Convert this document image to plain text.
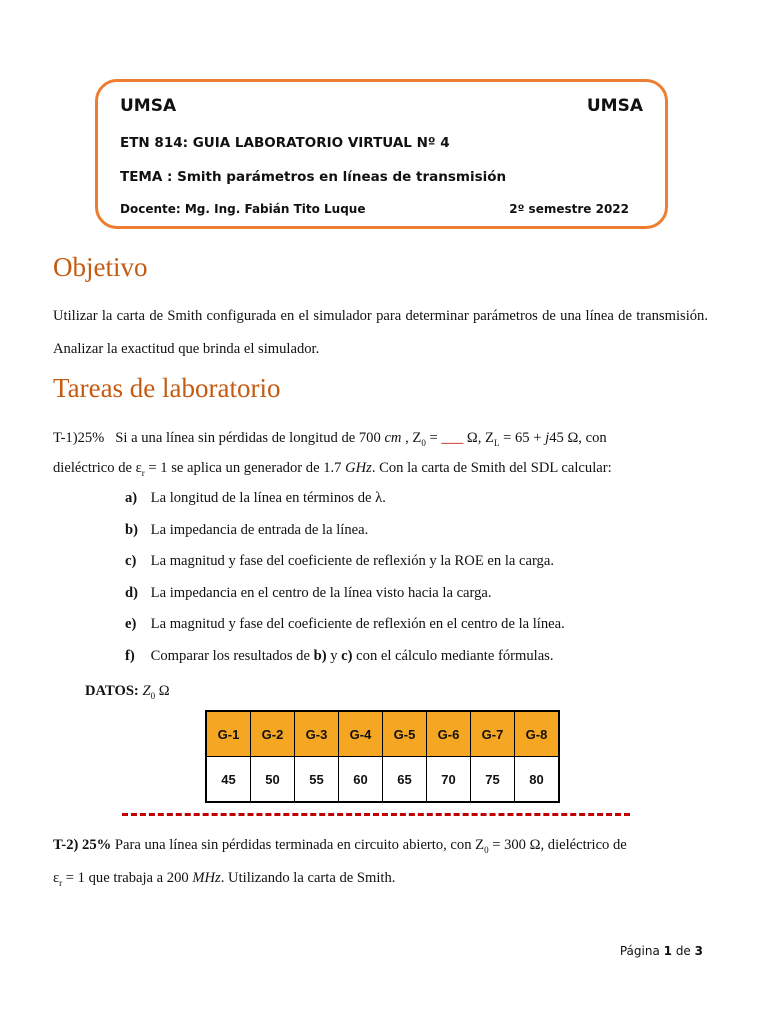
UMSA	UMSA
ETN 814: GUIA LABORATORIO VIRTUAL Nº 4
TEMA : Smith parámetros en líneas de transmisión
Docente: Mg. Ing. Fabián Tito Luque	2º semestre 2022
Objetivo

Utilizar la carta de Smith configurada en el simulador para determinar parámetros de una línea de transmisión. Analizar la exactitud que brinda el simulador.

Tareas de laboratorio
T-1)25% Si a una línea sin pérdidas de longitud de 700 cm , $Z_0$ = ___ Ω, $Z_L = 65 + j45$ Ω, con
dieléctrico de $\varepsilon_r = 1$ se aplica un generador de 1.7 GHz. Con la carta de Smith del SDL calcular:
a) La longitud de la línea en términos de λ.
b) La impedancia de entrada de la línea.
c) La magnitud y fase del coeficiente de reflexión y la ROE en la carga.
d) La impedancia en el centro de la línea visto hacia la carga.
e) La magnitud y fase del coeficiente de reflexión en el centro de la línea.
f) Comparar los resultados de b) y c) con el cálculo mediante fórmulas.
DATOS: $Z_0$ Ω
G-1	G-2	G-3	G-4	G-5	G-6	G-7	G-8
45	50	55	60	65	70	75	80
T-2) 25% Para una línea sin pérdidas terminada en circuito abierto, con $Z_0 = 300$ Ω, dieléctrico de
$\varepsilon_r = 1$ que trabaja a 200 MHz. Utilizando la carta de Smith.
Página 1 de 3
